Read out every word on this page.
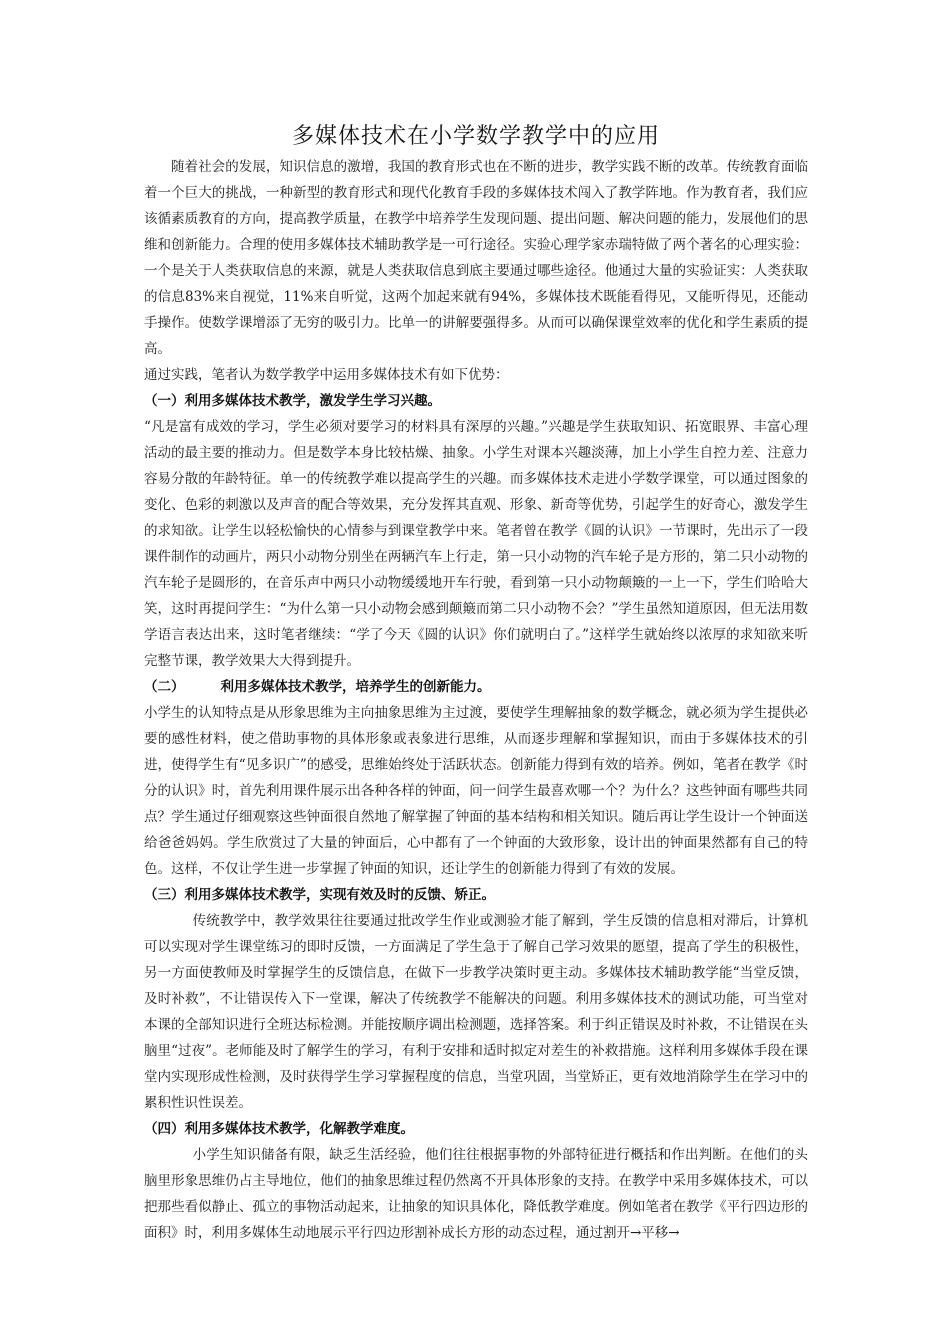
多媒体技术在小学数学教学中的应用

随着社会的发展，知识信息的激增，我国的教育形式也在不断的进步，教学实践不断的改革。传统教育面临着一个巨大的挑战，一种新型的教育形式和现代化教育手段的多媒体技术闯入了教学阵地。作为教育者，我们应该循素质教育的方向，提高教学质量，在教学中培养学生发现问题、提出问题、解决问题的能力，发展他们的思维和创新能力。合理的使用多媒体技术辅助教学是一可行途径。实验心理学家赤瑞特做了两个著名的心理实验：一个是关于人类获取信息的来源，就是人类获取信息到底主要通过哪些途径。他通过大量的实验证实：人类获取的信息83%来自视觉，11%来自听觉，这两个加起来就有94%，多媒体技术既能看得见，又能听得见，还能动手操作。使数学课增添了无穷的吸引力。比单一的讲解要强得多。从而可以确保课堂效率的优化和学生素质的提高。

通过实践，笔者认为数学教学中运用多媒体技术有如下优势：

（一）利用多媒体技术教学，激发学生学习兴趣。

“凡是富有成效的学习，学生必须对要学习的材料具有深厚的兴趣。”兴趣是学生获取知识、拓宽眼界、丰富心理活动的最主要的推动力。但是数学本身比较枯燥、抽象。小学生对课本兴趣淡薄，加上小学生自控力差、注意力容易分散的年龄特征。单一的传统教学难以提高学生的兴趣。而多媒体技术走进小学数学课堂，可以通过图象的变化、色彩的刺激以及声音的配合等效果，充分发挥其直观、形象、新奇等优势，引起学生的好奇心，激发学生的求知欲。让学生以轻松愉快的心情参与到课堂教学中来。笔者曾在教学《圆的认识》一节课时，先出示了一段课件制作的动画片，两只小动物分别坐在两辆汽车上行走，第一只小动物的汽车轮子是方形的，第二只小动物的汽车轮子是圆形的，在音乐声中两只小动物缓缓地开车行驶，看到第一只小动物颠簸的一上一下，学生们哈哈大笑，这时再提问学生：“为什么第一只小动物会感到颠簸而第二只小动物不会？”学生虽然知道原因，但无法用数学语言表达出来，这时笔者继续：“学了今天《圆的认识》你们就明白了。”这样学生就始终以浓厚的求知欲来听完整节课，教学效果大大得到提升。

（二）	利用多媒体技术教学，培养学生的创新能力。

小学生的认知特点是从形象思维为主向抽象思维为主过渡，要使学生理解抽象的数学概念，就必须为学生提供必要的感性材料，使之借助事物的具体形象或表象进行思维，从而逐步理解和掌握知识，而由于多媒体技术的引进，使得学生有“见多识广”的感受，思维始终处于活跃状态。创新能力得到有效的培养。例如，笔者在教学《时分的认识》时，首先利用课件展示出各种各样的钟面，问一问学生最喜欢哪一个？为什么？这些钟面有哪些共同点？学生通过仔细观察这些钟面很自然地了解掌握了钟面的基本结构和相关知识。随后再让学生设计一个钟面送给爸爸妈妈。学生欣赏过了大量的钟面后，心中都有了一个钟面的大致形象，设计出的钟面果然都有自己的特色。这样，不仅让学生进一步掌握了钟面的知识，还让学生的创新能力得到了有效的发展。

（三）利用多媒体技术教学，实现有效及时的反馈、矫正。

传统教学中，教学效果往往要通过批改学生作业或测验才能了解到，学生反馈的信息相对滞后，计算机可以实现对学生课堂练习的即时反馈，一方面满足了学生急于了解自己学习效果的愿望，提高了学生的积极性，另一方面使教师及时掌握学生的反馈信息，在做下一步教学决策时更主动。多媒体技术辅助教学能“当堂反馈，及时补救”，不让错误传入下一堂课，解决了传统教学不能解决的问题。利用多媒体技术的测试功能，可当堂对本课的全部知识进行全班达标检测。并能按顺序调出检测题，选择答案。利于纠正错误及时补救，不让错误在头脑里“过夜”。老师能及时了解学生的学习，有利于安排和适时拟定对差生的补救措施。这样利用多媒体手段在课堂内实现形成性检测，及时获得学生学习掌握程度的信息，当堂巩固，当堂矫正，更有效地消除学生在学习中的累积性识性误差。

（四）利用多媒体技术教学，化解教学难度。

小学生知识储备有限，缺乏生活经验，他们往往根据事物的外部特征进行概括和作出判断。在他们的头脑里形象思维仍占主导地位，他们的抽象思维过程仍然离不开具体形象的支持。在教学中采用多媒体技术，可以把那些看似静止、孤立的事物活动起来，让抽象的知识具体化，降低教学难度。例如笔者在教学《平行四边形的面积》时，利用多媒体生动地展示平行四边形割补成长方形的动态过程，通过割开→平移→
